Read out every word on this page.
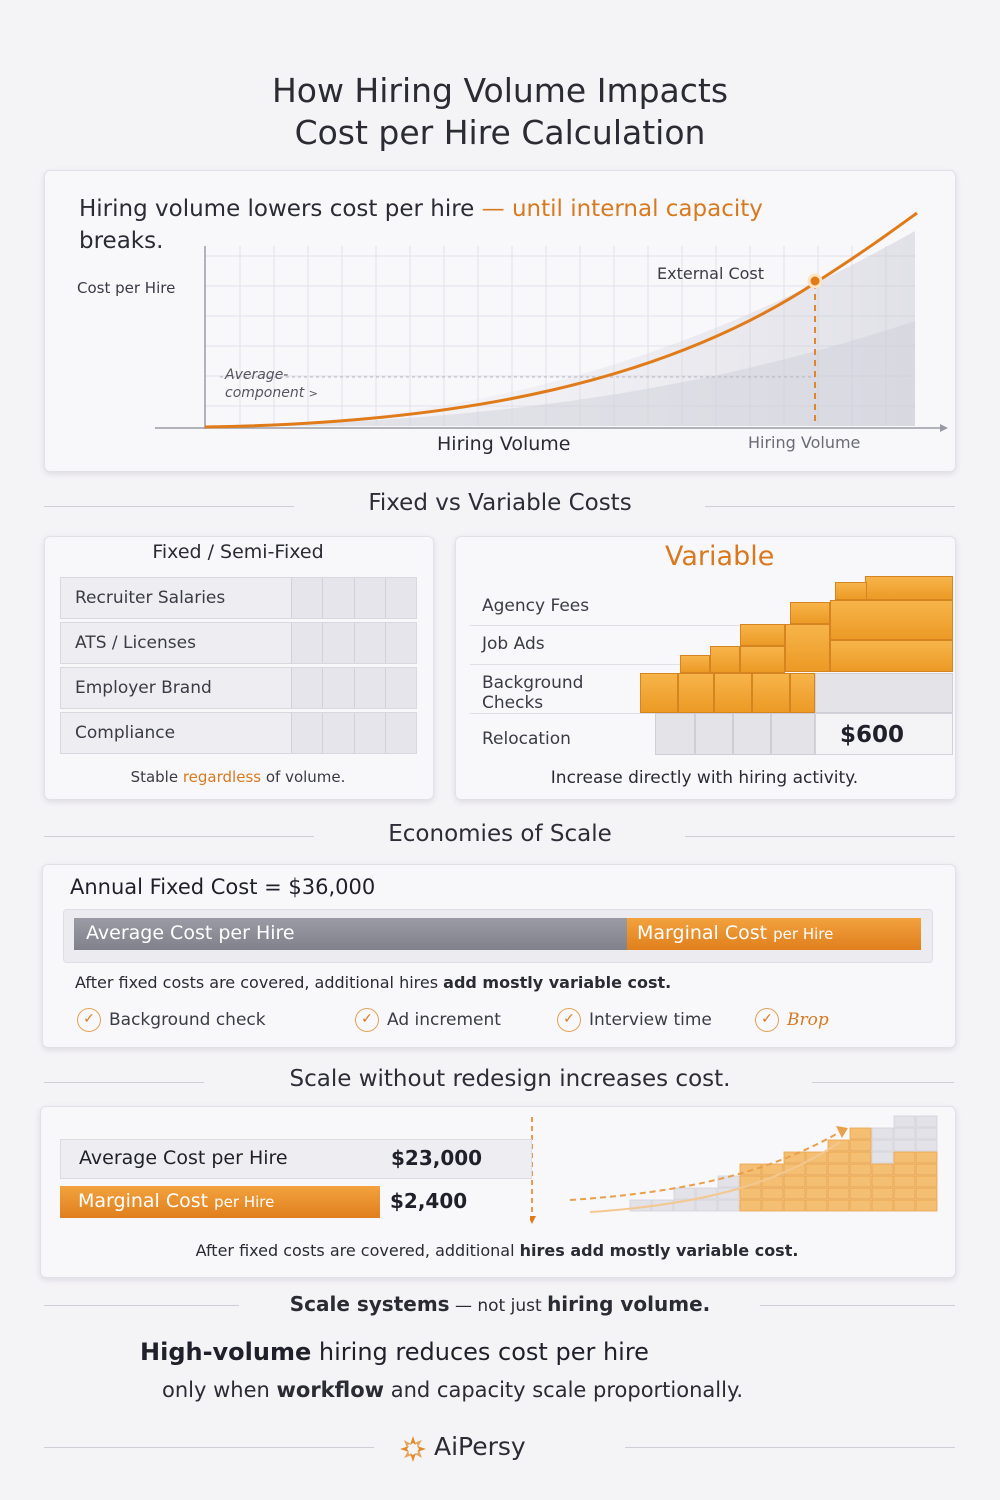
How Hiring Volume Impacts
Cost per Hire Calculation
Hiring volume lowers cost per hire — until internal capacity
breaks.
Cost per Hire
External Cost
Average-
component >
Hiring Volume	Hiring Volume
Fixed vs Variable Costs
Fixed / Semi-Fixed
Recruiter Salaries
ATS / Licenses
Employer Brand
Compliance
Stable regardless of volume.
Variable
Agency Fees
Job Ads
Background
Checks
Relocation	$600
Increase directly with hiring activity.
Economies of Scale
Annual Fixed Cost = $36,000
Average Cost per Hire	Marginal Cost per Hire
After fixed costs are covered, additional hires add mostly variable cost.
✓ Background check	✓ Ad increment	✓ Interview time	✓ Brop
Scale without redesign increases cost.
Average Cost per Hire	$23,000
Marginal Cost per Hire	$2,400
After fixed costs are covered, additional hires add mostly variable cost.
Scale systems — not just hiring volume.
High-volume hiring reduces cost per hire
only when workflow and capacity scale proportionally.
AiPersy
